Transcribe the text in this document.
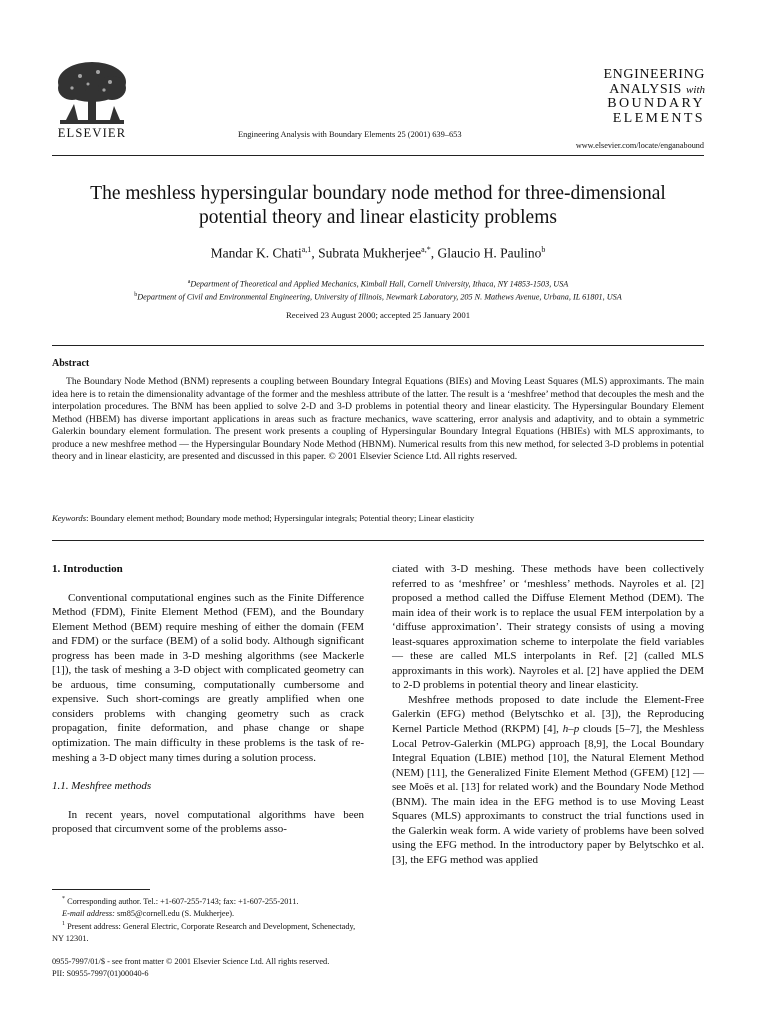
ELSEVIER	Engineering Analysis with Boundary Elements 25 (2001) 639–653
ENGINEERING
ANALYSIS with
BOUNDARY
ELEMENTS
www.elsevier.com/locate/enganabound
The meshless hypersingular boundary node method for three-dimensional
potential theory and linear elasticity problems
Mandar K. Chati$^{a,1}$, Subrata Mukherjee$^{a,*}$, Glaucio H. Paulino$^b$
$^a$Department of Theoretical and Applied Mechanics, Kimball Hall, Cornell University, Ithaca, NY 14853-1503, USA
$^b$Department of Civil and Environmental Engineering, University of Illinois, Newmark Laboratory, 205 N. Mathews Avenue, Urbana, IL 61801, USA
Received 23 August 2000; accepted 25 January 2001
Abstract
The Boundary Node Method (BNM) represents a coupling between Boundary Integral Equations (BIEs) and Moving Least Squares (MLS) approximants. The main idea here is to retain the dimensionality advantage of the former and the meshless attribute of the latter. The result is a ‘meshfree’ method that decouples the mesh and the interpolation procedures. The BNM has been applied to solve 2-D and 3-D problems in potential theory and linear elasticity. The Hypersingular Boundary Element Method (HBEM) has diverse important applications in areas such as fracture mechanics, wave scattering, error analysis and adaptivity, and to obtain a symmetric Galerkin boundary element formulation. The present work presents a coupling of Hypersingular Boundary Integral Equations (HBIEs) with MLS approximants, to produce a new meshfree method — the Hypersingular Boundary Node Method (HBNM). Numerical results from this new method, for selected 3-D problems in potential theory and in linear elasticity, are presented and discussed in this paper. © 2001 Elsevier Science Ltd. All rights reserved.
Keywords: Boundary element method; Boundary mode method; Hypersingular integrals; Potential theory; Linear elasticity
1. Introduction

Conventional computational engines such as the Finite Difference Method (FDM), Finite Element Method (FEM), and the Boundary Element Method (BEM) require meshing of either the domain (FEM and FDM) or the surface (BEM) of a solid body. Although significant progress has been made in 3-D meshing algorithms (see Mackerle [1]), the task of meshing a 3-D object with complicated geometry can be arduous, time consuming, computationally cumbersome and expensive. Such short-comings are greatly amplified when one considers problems with changing geometry such as crack propagation, finite deformation, and phase change or shape optimization. The main difficulty in these problems is the task of re-meshing a 3-D object many times during a solution process.

1.1. Meshfree methods

In recent years, novel computational algorithms have been proposed that circumvent some of the problems asso-

* Corresponding author. Tel.: +1-607-255-7143; fax: +1-607-255-2011.
E-mail address: sm85@cornell.edu (S. Mukherjee).
$^1$ Present address: General Electric, Corporate Research and Development, Schenectady, NY 12301.

ciated with 3-D meshing. These methods have been collectively referred to as ‘meshfree’ or ‘meshless’ methods. Nayroles et al. [2] proposed a method called the Diffuse Element Method (DEM). The main idea of their work is to replace the usual FEM interpolation by a ‘diffuse approximation’. Their strategy consists of using a moving least-squares approximation scheme to interpolate the field variables — these are called MLS interpolants in Ref. [2] (called MLS approximants in this work). Nayroles et al. [2] have applied the DEM to 2-D problems in potential theory and linear elasticity.

Meshfree methods proposed to date include the Element-Free Galerkin (EFG) method (Belytschko et al. [3]), the Reproducing Kernel Particle Method (RKPM) [4], h–p clouds [5–7], the Meshless Local Petrov-Galerkin (MLPG) approach [8,9], the Local Boundary Integral Equation (LBIE) method [10], the Natural Element Method (NEM) [11], the Generalized Finite Element Method (GFEM) [12] — see Moës et al. [13] for related work) and the Boundary Node Method (BNM). The main idea in the EFG method is to use Moving Least Squares (MLS) approximants to construct the trial functions used in the Galerkin weak form. A wide variety of problems have been solved using the EFG method. In the introductory paper by Belytschko et al. [3], the EFG method was applied

0955-7997/01/$ - see front matter © 2001 Elsevier Science Ltd. All rights reserved.
PII: S0955-7997(01)00040-6
